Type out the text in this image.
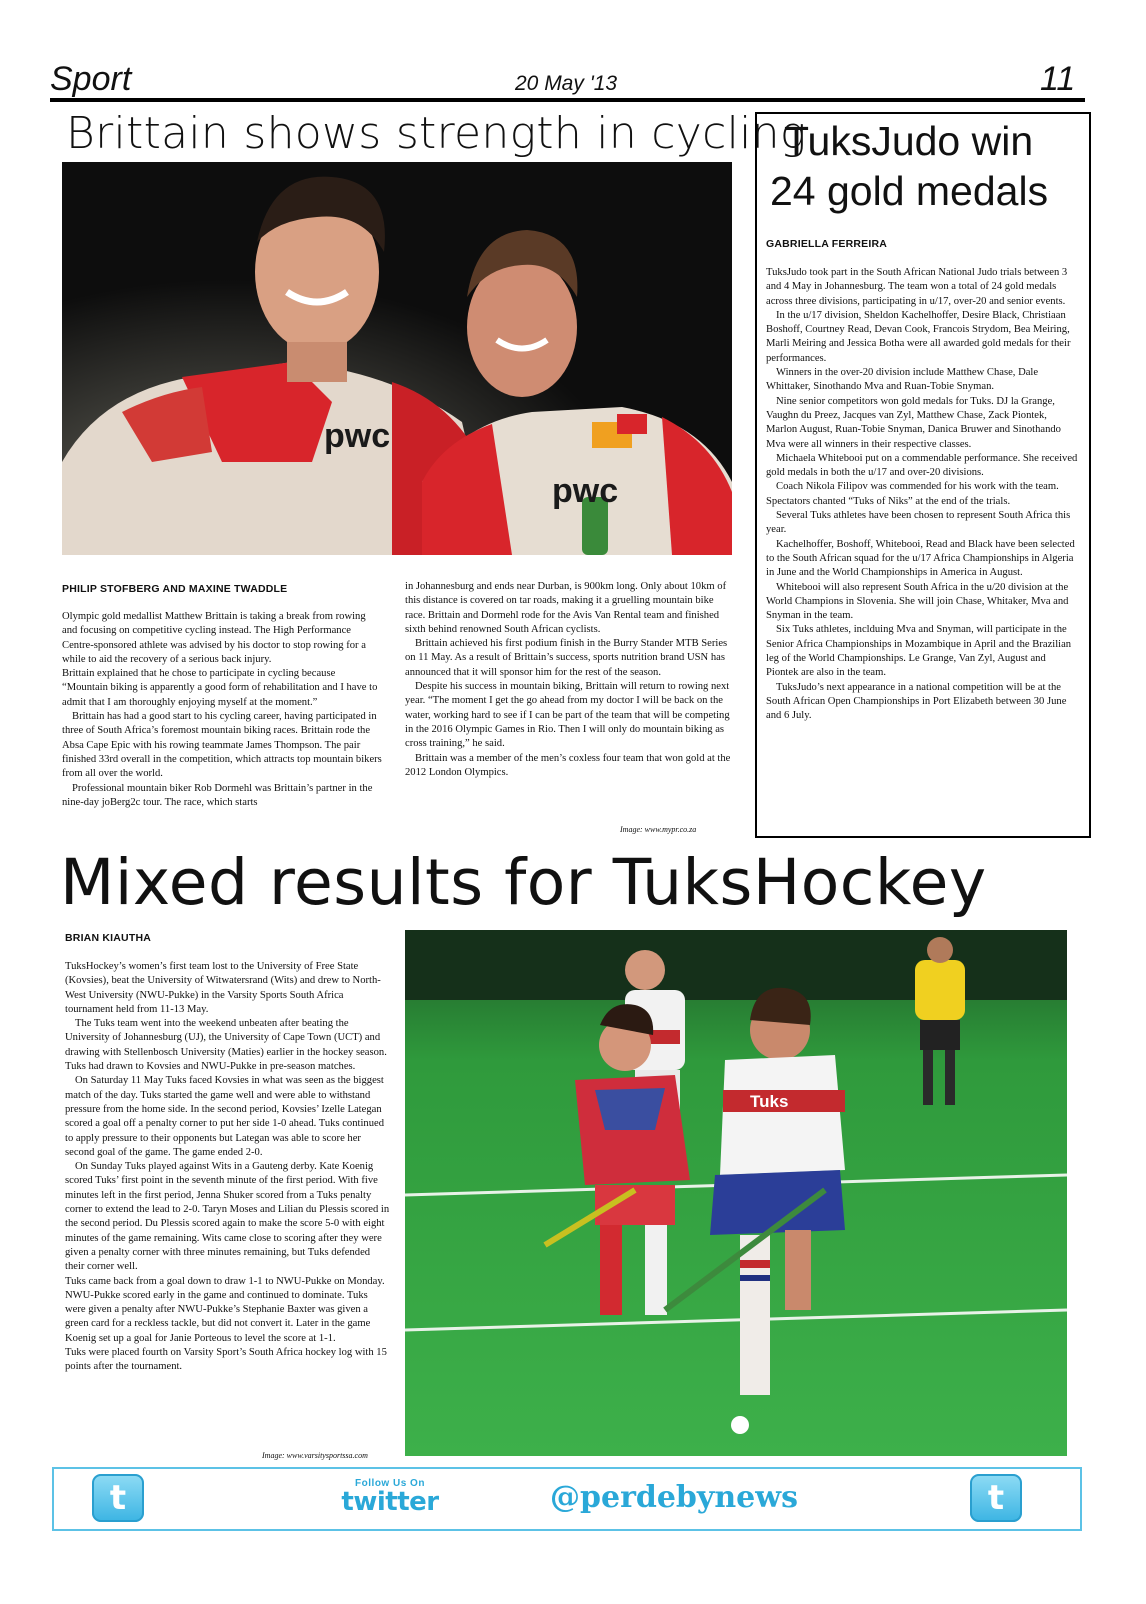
Sport	20 May '13	11
Brittain shows strength in cycling
pwc
pwc
PHILIP STOFBERG AND MAXINE TWADDLE

Olympic gold medallist Matthew Brittain is taking a break from rowing and focusing on competitive cycling instead. The High Performance Centre-sponsored athlete was advised by his doctor to stop rowing for a while to aid the recovery of a serious back injury.

Brittain explained that he chose to participate in cycling because “Mountain biking is apparently a good form of rehabilitation and I have to admit that I am thoroughly enjoying myself at the moment.”

Brittain has had a good start to his cycling career, having participated in three of South Africa’s foremost mountain biking races. Brittain rode the Absa Cape Epic with his rowing teammate James Thompson. The pair finished 33rd overall in the competition, which attracts top mountain bikers from all over the world.

Professional mountain biker Rob Dormehl was Brittain’s partner in the nine-day joBerg2c tour. The race, which starts

in Johannesburg and ends near Durban, is 900km long. Only about 10km of this distance is covered on tar roads, making it a gruelling mountain bike race. Brittain and Dormehl rode for the Avis Van Rental team and finished sixth behind renowned South African cyclists.

Brittain achieved his first podium finish in the Burry Stander MTB Series on 11 May. As a result of Brittain’s success, sports nutrition brand USN has announced that it will sponsor him for the rest of the season.

Despite his success in mountain biking, Brittain will return to rowing next year. “The moment I get the go ahead from my doctor I will be back on the water, working hard to see if I can be part of the team that will be competing in the 2016 Olympic Games in Rio. Then I will only do mountain biking as cross training,” he said.

Brittain was a member of the men’s coxless four team that won gold at the 2012 London Olympics.

Image: www.mypr.co.za
TuksJudo win
24 gold medals
GABRIELLA FERREIRA

TuksJudo took part in the South African National Judo trials between 3 and 4 May in Johannesburg. The team won a total of 24 gold medals across three divisions, participating in u/17, over-20 and senior events.

In the u/17 division, Sheldon Kachelhoffer, Desire Black, Christiaan Boshoff, Courtney Read, Devan Cook, Francois Strydom, Bea Meiring, Marli Meiring and Jessica Botha were all awarded gold medals for their performances.

Winners in the over-20 division include Matthew Chase, Dale Whittaker, Sinothando Mva and Ruan-Tobie Snyman.

Nine senior competitors won gold medals for Tuks. DJ la Grange, Vaughn du Preez, Jacques van Zyl, Matthew Chase, Zack Piontek, Marlon August, Ruan-Tobie Snyman, Danica Bruwer and Sinothando Mva were all winners in their respective classes.

Michaela Whitebooi put on a commendable performance. She received gold medals in both the u/17 and over-20 divisions.

Coach Nikola Filipov was commended for his work with the team. Spectators chanted “Tuks of Niks” at the end of the trials.

Several Tuks athletes have been chosen to represent South Africa this year.

Kachelhoffer, Boshoff, Whitebooi, Read and Black have been selected to the South African squad for the u/17 Africa Championships in Algeria in June and the World Championships in America in August.

Whitebooi will also represent South Africa in the u/20 division at the World Champions in Slovenia. She will join Chase, Whitaker, Mva and Snyman in the team.

Six Tuks athletes, inclduing Mva and Snyman, will participate in the Senior Africa Championships in Mozambique in April and the Brazilian leg of the World Championships. Le Grange, Van Zyl, August and Piontek are also in the team.

TuksJudo’s next appearance in a national competition will be at the South African Open Championships in Port Elizabeth between 30 June and 6 July.

Mixed results for TuksHockey
BRIAN KIAUTHA

TuksHockey’s women’s first team lost to the University of Free State (Kovsies), beat the University of Witwatersrand (Wits) and drew to North-West University (NWU-Pukke) in the Varsity Sports South Africa tournament held from 11-13 May.

The Tuks team went into the weekend unbeaten after beating the University of Johannesburg (UJ), the University of Cape Town (UCT) and drawing with Stellenbosch University (Maties) earlier in the hockey season. Tuks had drawn to Kovsies and NWU-Pukke in pre-season matches.

On Saturday 11 May Tuks faced Kovsies in what was seen as the biggest match of the day. Tuks started the game well and were able to withstand pressure from the home side. In the second period, Kovsies’ Izelle Lategan scored a goal off a penalty corner to put her side 1-0 ahead. Tuks continued to apply pressure to their opponents but Lategan was able to score her second goal of the game. The game ended 2-0.

On Sunday Tuks played against Wits in a Gauteng derby. Kate Koenig scored Tuks’ first point in the seventh minute of the first period. With five minutes left in the first period, Jenna Shuker scored from a Tuks penalty corner to extend the lead to 2-0. Taryn Moses and Lilian du Plessis scored in the second period. Du Plessis scored again to make the score 5-0 with eight minutes of the game remaining. Wits came close to scoring after they were given a penalty corner with three minutes remaining, but Tuks defended their corner well.

Tuks came back from a goal down to draw 1-1 to NWU-Pukke on Monday. NWU-Pukke scored early in the game and continued to dominate. Tuks were given a penalty after NWU-Pukke’s Stephanie Baxter was given a green card for a reckless tackle, but did not convert it. Later in the game Koenig set up a goal for Janie Porteous to level the score at 1-1.

Tuks were placed fourth on Varsity Sport’s South Africa hockey log with 15 points after the tournament.

Image: www.varsitysportssa.com
Tuks
t	Follow Us On
twitter	@perdebynews	t
